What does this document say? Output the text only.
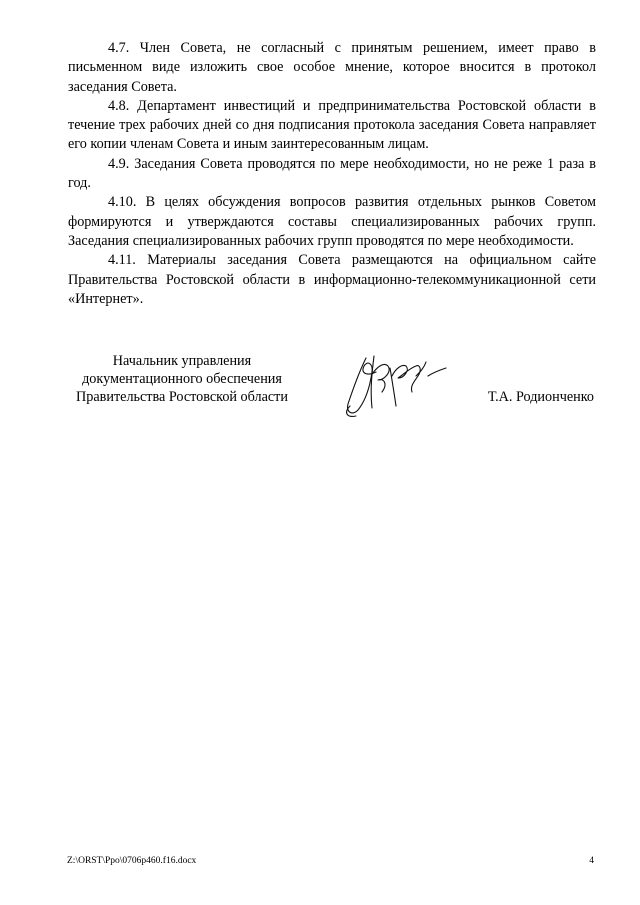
4.7. Член Совета, не согласный с принятым решением, имеет право в письменном виде изложить свое особое мнение, которое вносится в протокол заседания Совета.

4.8. Департамент инвестиций и предпринимательства Ростовской области в течение трех рабочих дней со дня подписания протокола заседания Совета направляет его копии членам Совета и иным заинтересованным лицам.

4.9. Заседания Совета проводятся по мере необходимости, но не реже 1 раза в год.

4.10. В целях обсуждения вопросов развития отдельных рынков Советом формируются и утверждаются составы специализированных рабочих групп. Заседания специализированных рабочих групп проводятся по мере необходимости.

4.11. Материалы заседания Совета размещаются на официальном сайте Правительства Ростовской области в информационно-телекоммуникационной сети «Интернет».

Начальник управления
документационного обеспечения
Правительства Ростовской области	Т.А. Родионченко
Z:\ORST\Ppo\0706p460.f16.docx	4
